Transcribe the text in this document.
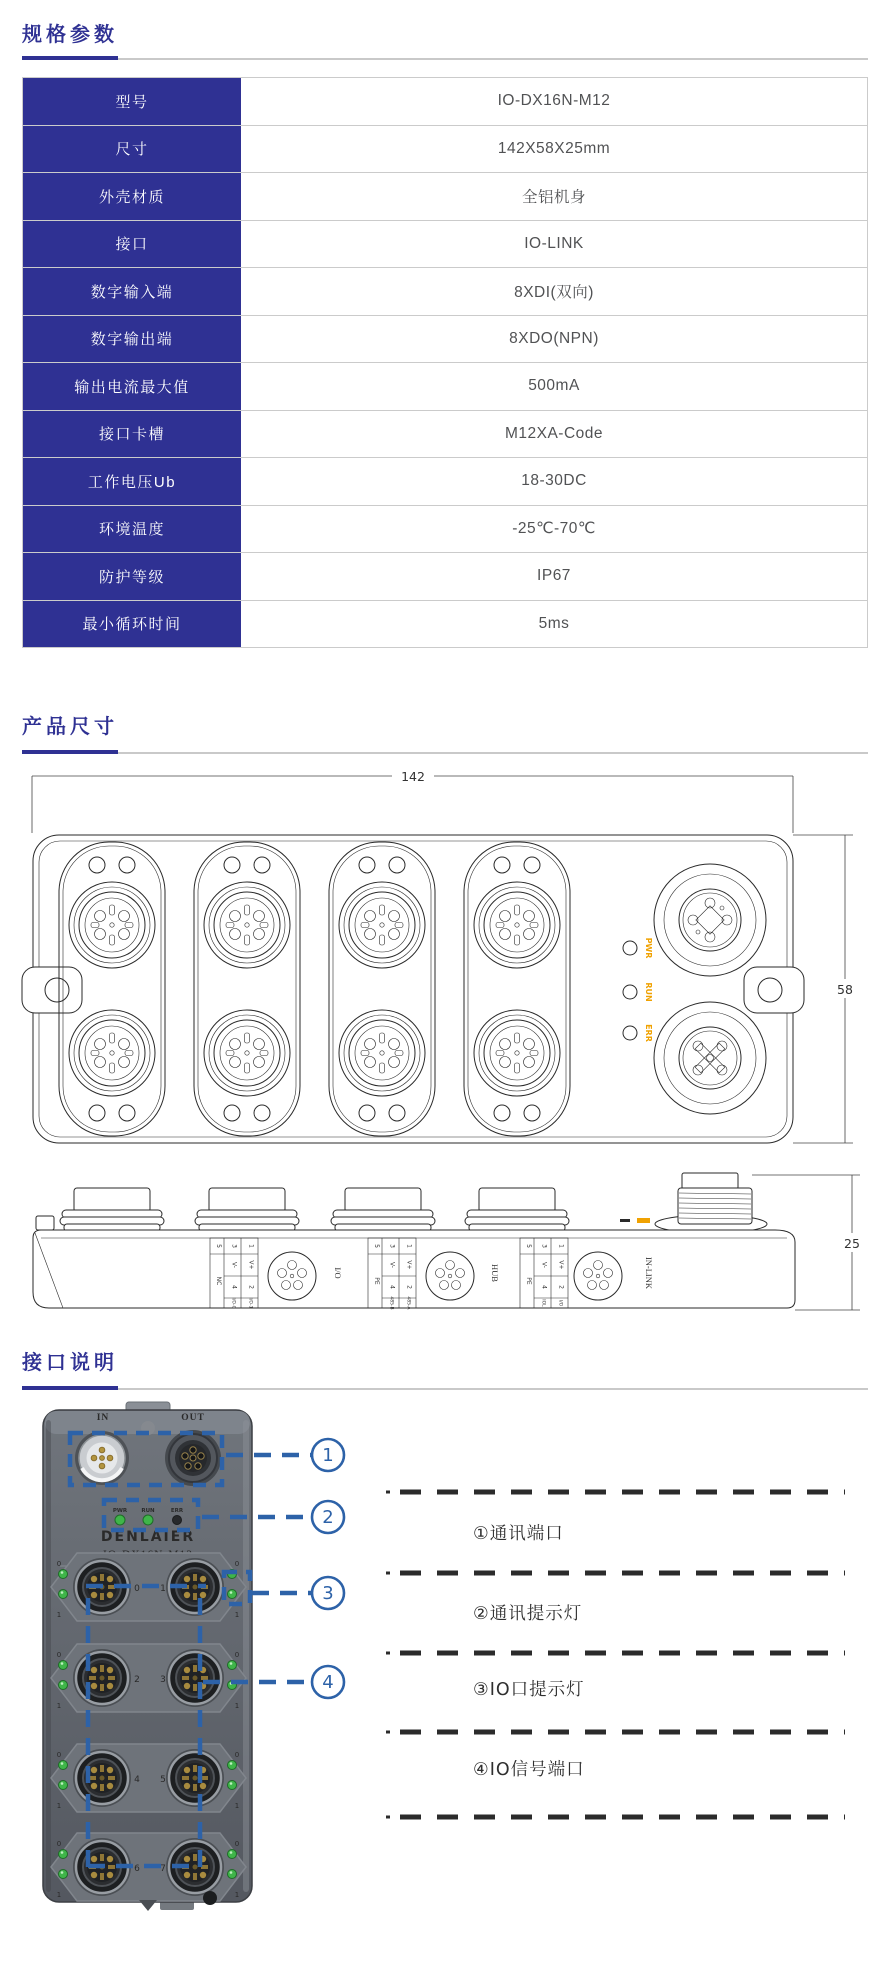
规格参数
型号	IO-DX16N-M12
尺寸	142X58X25mm
外壳材质	全铝机身
接口	IO-LINK
数字输入端	8XDI(双向)
数字输出端	8XDO(NPN)
输出电流最大值	500mA
接口卡槽	M12XA-Code
工作电压Ub	18-30DC
环境温度	-25℃-70℃
防护等级	IP67
最小循环时间	5ms
产品尺寸
142
PWR
RUN
ERR
58
5
NC
3
V-
4
I/O-0
1
V+
2
I/O-1
I/O
5
PE
3
V-
4
485-B
1
V+
2
485-A
HUB
5
PE
3
V-
4
IOL
1
V+
2
I/O
IN-LINK
25
接口说明
0
1
IN	OUT
PWR	RUN	ERR
DENLAIER
0 1
2 3
4 5
6 7
1
2
3
4
①通讯端口
②通讯提示灯
③IO口提示灯
④IO信号端口
